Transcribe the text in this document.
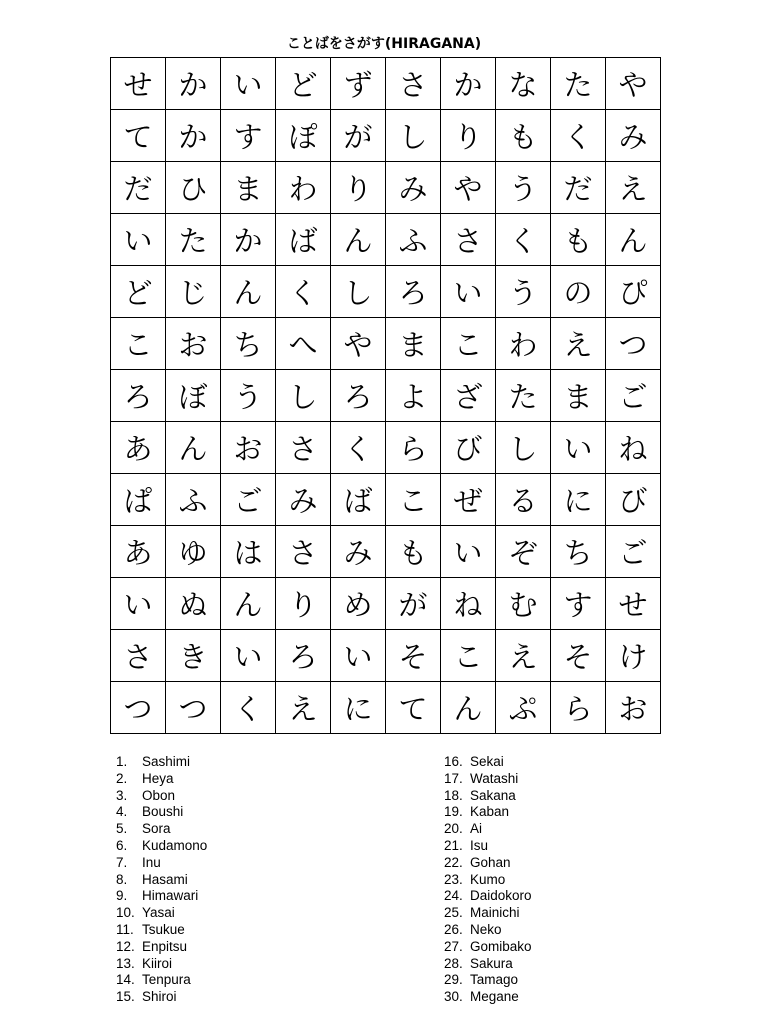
ことばをさがす(HIRAGANA)
せ か い ど ず さ か な た や
て か す ぽ が し り も く み
だ ひ ま わ り み や う だ え
い た か ば ん ふ さ く も ん
ど じ ん く し ろ い う の ぴ
こ お ち へ や ま こ わ え つ
ろ ぼ う し ろ よ ざ た ま ご
あ ん お さ く ら び し い ね
ぱ ふ ご み ば こ ぜ る に び
あ ゆ は さ み も い ぞ ち ご
い ぬ ん り め が ね む す せ
さ き い ろ い そ こ え そ け
つ つ く え に て ん ぷ ら お
1. Sashimi
2. Heya
3. Obon
4. Boushi
5. Sora
6. Kudamono
7. Inu
8. Hasami
9. Himawari
10. Yasai
11. Tsukue
12. Enpitsu
13. Kiiroi
14. Tenpura
15. Shiroi
16. Sekai
17. Watashi
18. Sakana
19. Kaban
20. Ai
21. Isu
22. Gohan
23. Kumo
24. Daidokoro
25. Mainichi
26. Neko
27. Gomibako
28. Sakura
29. Tamago
30. Megane
